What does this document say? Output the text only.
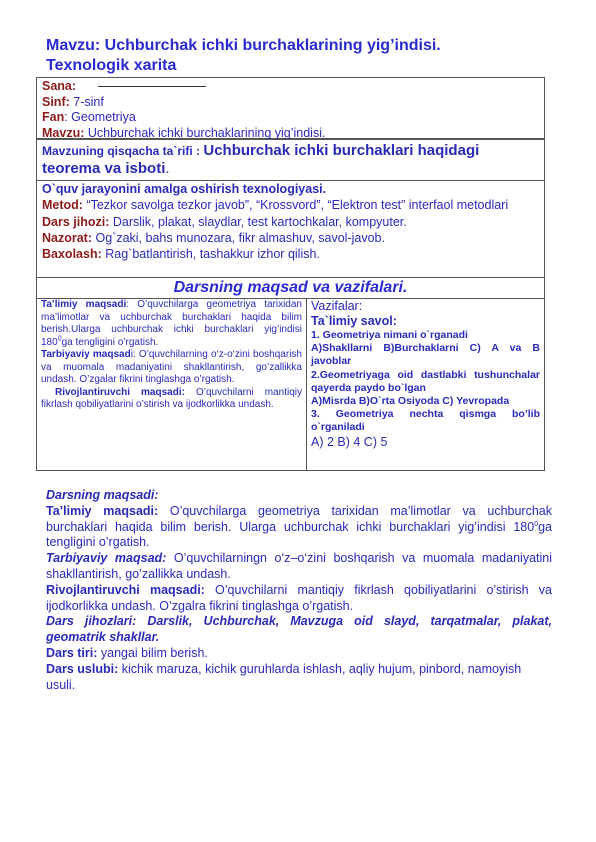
Mavzu: Uchburchak ichki burchaklarining yig’indisi.
Texnologik xarita
Sana:
Sinf: 7-sinf
Fan: Geometriya
Mavzu: Uchburchak ichki burchaklarining yig’indisi.
Mavzuning qisqacha ta`rifi : Uchburchak ichki burchaklari haqidagi teorema va isboti.
O`quv jarayonini amalga oshirish texnologiyasi.
Metod: “Tezkor savolga tezkor javob”, “Krossvord”, “Elektron test” interfaol metodlari
Dars jihozi: Darslik, plakat, slaydlar, test kartochkalar, kompyuter.
Nazorat: Og`zaki, bahs munozara, fikr almashuv, savol-javob.
Baxolash: Rag`batlantirish, tashakkur izhor qilish.
Darsning maqsad va vazifalari.
Ta’limiy maqsadi: O’quvchilarga geometriya tarixidan ma’limotlar va uchburchak burchaklari haqida bilim berish.Ularga uchburchak ichki burchaklari yig’indisi $180^0ga$ tengligini o’rgatish.
Tarbiyaviy maqsadi: O’quvchilarning o‘z-o‘zini boshqarish va muomala madaniyatini shakllantirish, go’zallikka undash. O’zgalar fikrini tinglashga o’rgatish.
Rivojlantiruvchi maqsadi: O’quvchilarni mantiqiy fikrlash qobiliyatlarini o’stirish va ijodkorlikka undash.
Vazifalar:
Ta`limiy savol:
1. Geometriya nimani o`rganadi
A)Shakllarni B)Burchaklarni C) A va B javoblar
2.Geometriyaga oid dastlabki tushunchalar qayerda paydo bo`lgan
A)Misrda B)O`rta Osiyoda C) Yevropada
3. Geometriya nechta qismga bo’lib o`rganiladi
A) 2 B) 4 C) 5
Darsning maqsadi:
Ta’limiy maqsadi: O’quvchilarga geometriya tarixidan ma’limotlar va uchburchak burchaklari haqida bilim berish. Ularga uchburchak ichki burchaklari yig’indisi $180^0ga$ tengligini o’rgatish.
Tarbiyaviy maqsad: O’quvchilarningn o‘z–o‘zini boshqarish va muomala madaniyatini shakllantirish, go’zallikka undash.
Rivojlantiruvchi maqsadi: O’quvchilarni mantiqiy fikrlash qobiliyatlarini o’stirish va ijodkorlikka undash. O’zgalra fikrini tinglashga o’rgatish.
Dars jihozlari: Darslik, Uchburchak, Mavzuga oid slayd, tarqatmalar, plakat, geomatrik shakllar.
Dars tiri: yangai bilim berish.
Dars uslubi: kichik maruza, kichik guruhlarda ishlash, aqliy hujum, pinbord, namoyish usuli.
